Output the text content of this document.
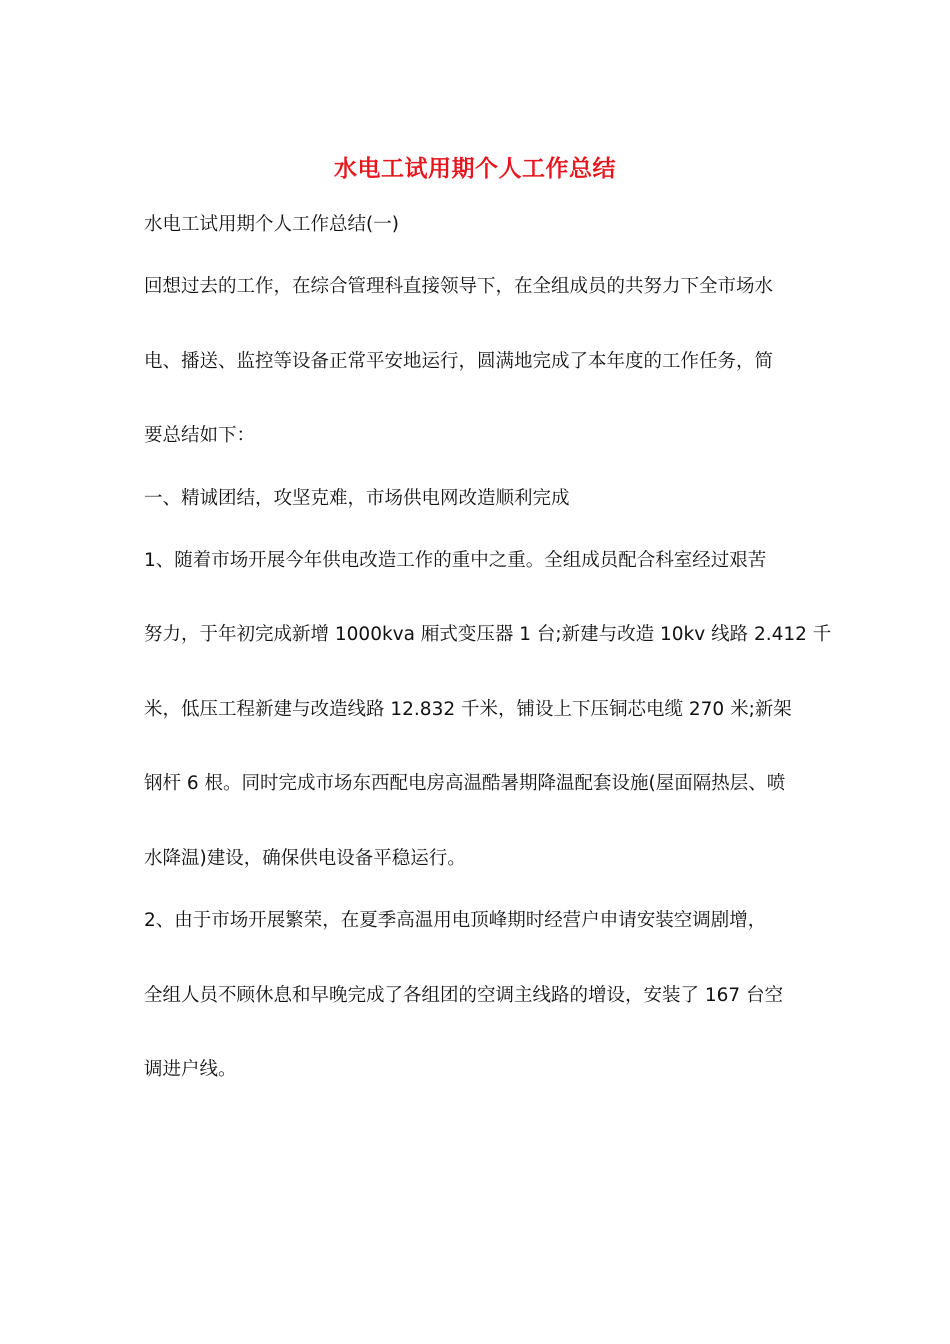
水电工试用期个人工作总结
水电工试用期个人工作总结(一)
回想过去的工作，在综合管理科直接领导下，在全组成员的共努力下全市场水
电、播送、监控等设备正常平安地运行，圆满地完成了本年度的工作任务，简
要总结如下：
一、精诚团结，攻坚克难，市场供电网改造顺利完成
1、随着市场开展今年供电改造工作的重中之重。全组成员配合科室经过艰苦
努力，于年初完成新增 1000kva 厢式变压器 1 台;新建与改造 10kv 线路 2.412 千
米，低压工程新建与改造线路 12.832 千米，铺设上下压铜芯电缆 270 米;新架
钢杆 6 根。同时完成市场东西配电房高温酷暑期降温配套设施(屋面隔热层、喷
水降温)建设，确保供电设备平稳运行。
2、由于市场开展繁荣，在夏季高温用电顶峰期时经营户申请安装空调剧增，
全组人员不顾休息和早晚完成了各组团的空调主线路的增设，安装了 167 台空
调进户线。
